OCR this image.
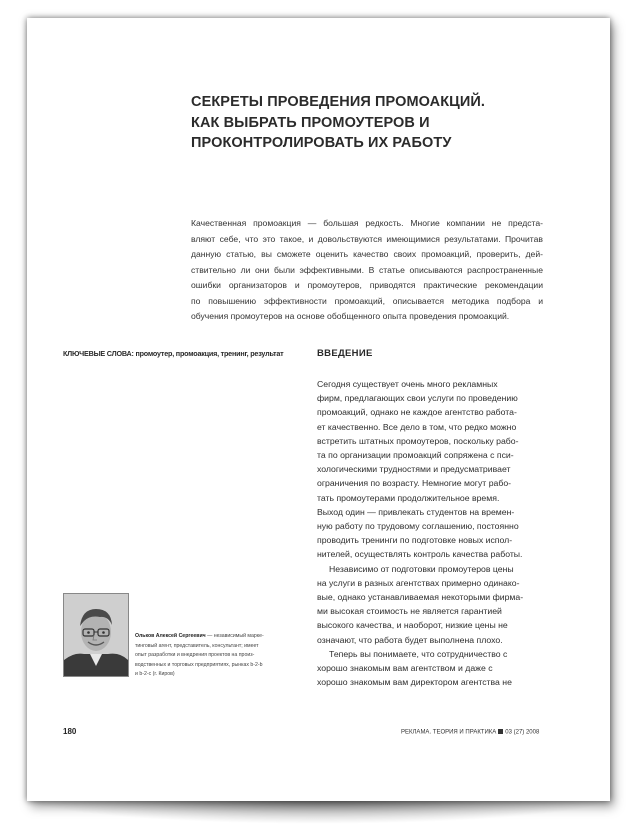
СЕКРЕТЫ ПРОВЕДЕНИЯ ПРОМОАКЦИЙ.
КАК ВЫБРАТЬ ПРОМОУТЕРОВ И
ПРОКОНТРОЛИРОВАТЬ ИХ РАБОТУ
Качественная промоакция — большая редкость. Многие компании не предста-
вляют себе, что это такое, и довольствуются имеющимися результатами. Прочитав
данную статью, вы сможете оценить качество своих промоакций, проверить, дей-
ствительно ли они были эффективными. В статье описываются распространенные
ошибки организаторов и промоутеров, приводятся практические рекомендации
по повышению эффективности промоакций, описывается методика подбора и
обучения промоутеров на основе обобщенного опыта проведения промоакций.
КЛЮЧЕВЫЕ СЛОВА: промоутер, промоакция, тренинг, результат	ВВЕДЕНИЕ
Сегодня существует очень много рекламных
фирм, предлагающих свои услуги по проведению
промоакций, однако не каждое агентство работа-
ет качественно. Все дело в том, что редко можно
встретить штатных промоутеров, поскольку рабо-
та по организации промоакций сопряжена с пси-
хологическими трудностями и предусматривает
ограничения по возрасту. Немногие могут рабо-
тать промоутерами продолжительное время.
Выход один — привлекать студентов на времен-
ную работу по трудовому соглашению, постоянно
проводить тренинги по подготовке новых испол-
нителей, осуществлять контроль качества работы.
Независимо от подготовки промоутеров цены
на услуги в разных агентствах примерно одинако-
вые, однако устанавливаемая некоторыми фирма-
ми высокая стоимость не является гарантией
высокого качества, и наоборот, низкие цены не
означают, что работа будет выполнена плохо.
Теперь вы понимаете, что сотрудничество с
хорошо знакомым вам агентством и даже с
хорошо знакомым вам директором агентства не
Ольков Алексей Сергеевич — независимый марке-
тинговый агент, представитель, консультант; имеет
опыт разработки и внедрения проектов на произ-
водственных и торговых предприятиях, рынках b-2-b
и b-2-c (г. Киров)
180	РЕКЛАМА. ТЕОРИЯ И ПРАКТИКА 03 (27) 2008
